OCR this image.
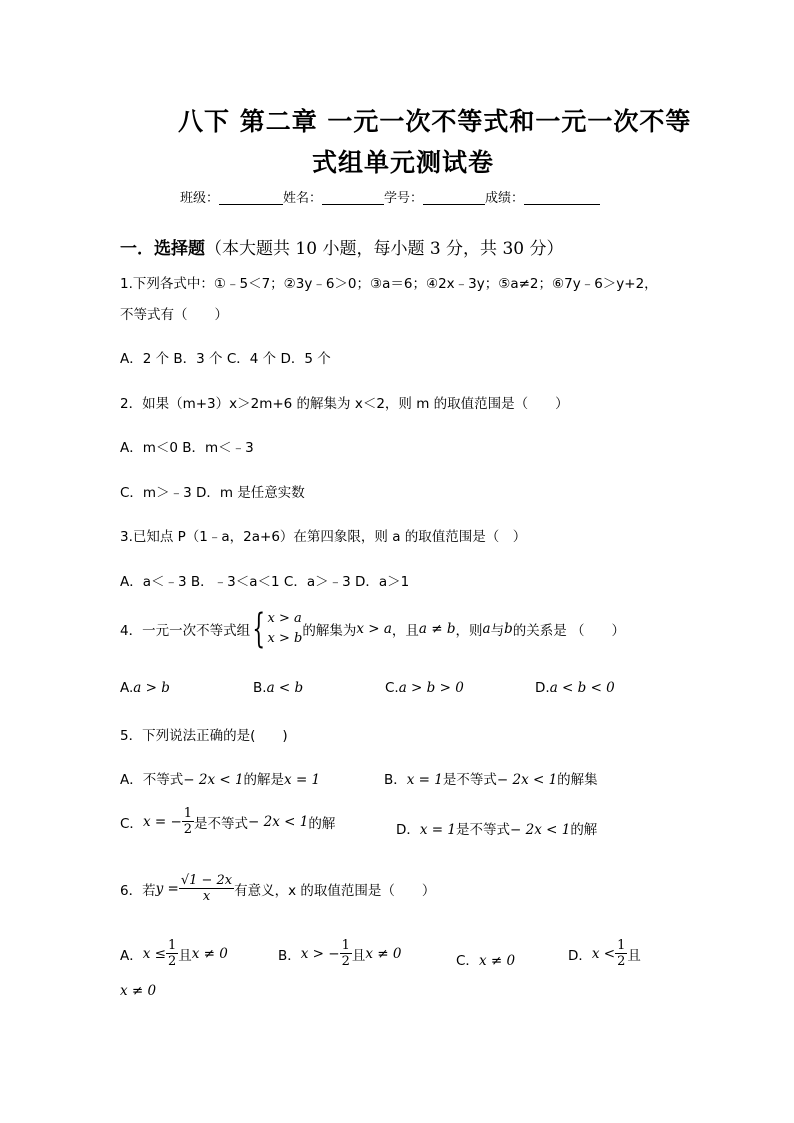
八下 第二章 一元一次不等式和一元一次不等
式组单元测试卷
班级：	姓名：	学号：	成绩：
一．选择题（本大题共 10 小题，每小题 3 分，共 30 分）
1.下列各式中：①﹣5＜7；②3y﹣6＞0；③a＝6；④2x﹣3y；⑤a≠2；⑥7y﹣6＞y+2，
不等式有（　　）
A．2 个 B．3 个 C．4 个 D．5 个
2．如果（m+3）x＞2m+6 的解集为 x＜2，则 m 的取值范围是（　　）
A．m＜0 B．m＜﹣3
C．m＞﹣3 D．m 是任意实数
3.已知点 P（1﹣a，2a+6）在第四象限，则 a 的取值范围是（　）
A．a＜﹣3 B．﹣3＜a＜1 C．a＞﹣3 D．a＞1
4．一元一次不等式组 { x > a
x > b 的解集为 x > a ，且 a ≠ b ，则 a 与 b 的关系是 （　　）
A.a > b	B.a < b	C.a > b > 0	D.a < b < 0
5．下列说法正确的是(　　)
A．不等式− 2x < 1的解是x = 1	B．x = 1是不等式− 2x < 1的解集
C． x = − $\frac{1}{2}$ 是不等式 − 2x < 1 的解	D．x = 1是不等式− 2x < 1的解
6．若 $y = \frac{√1 - 2x}{x}$ 有意义，x 的取值范围是（　　）
A． $x \le \frac{1}{2}$ 且 x ≠ 0	B． x > − $\frac{1}{2}$ 且 x ≠ 0	C．x ≠ 0	D． $x < \frac{1}{2}$ 且
x ≠ 0
